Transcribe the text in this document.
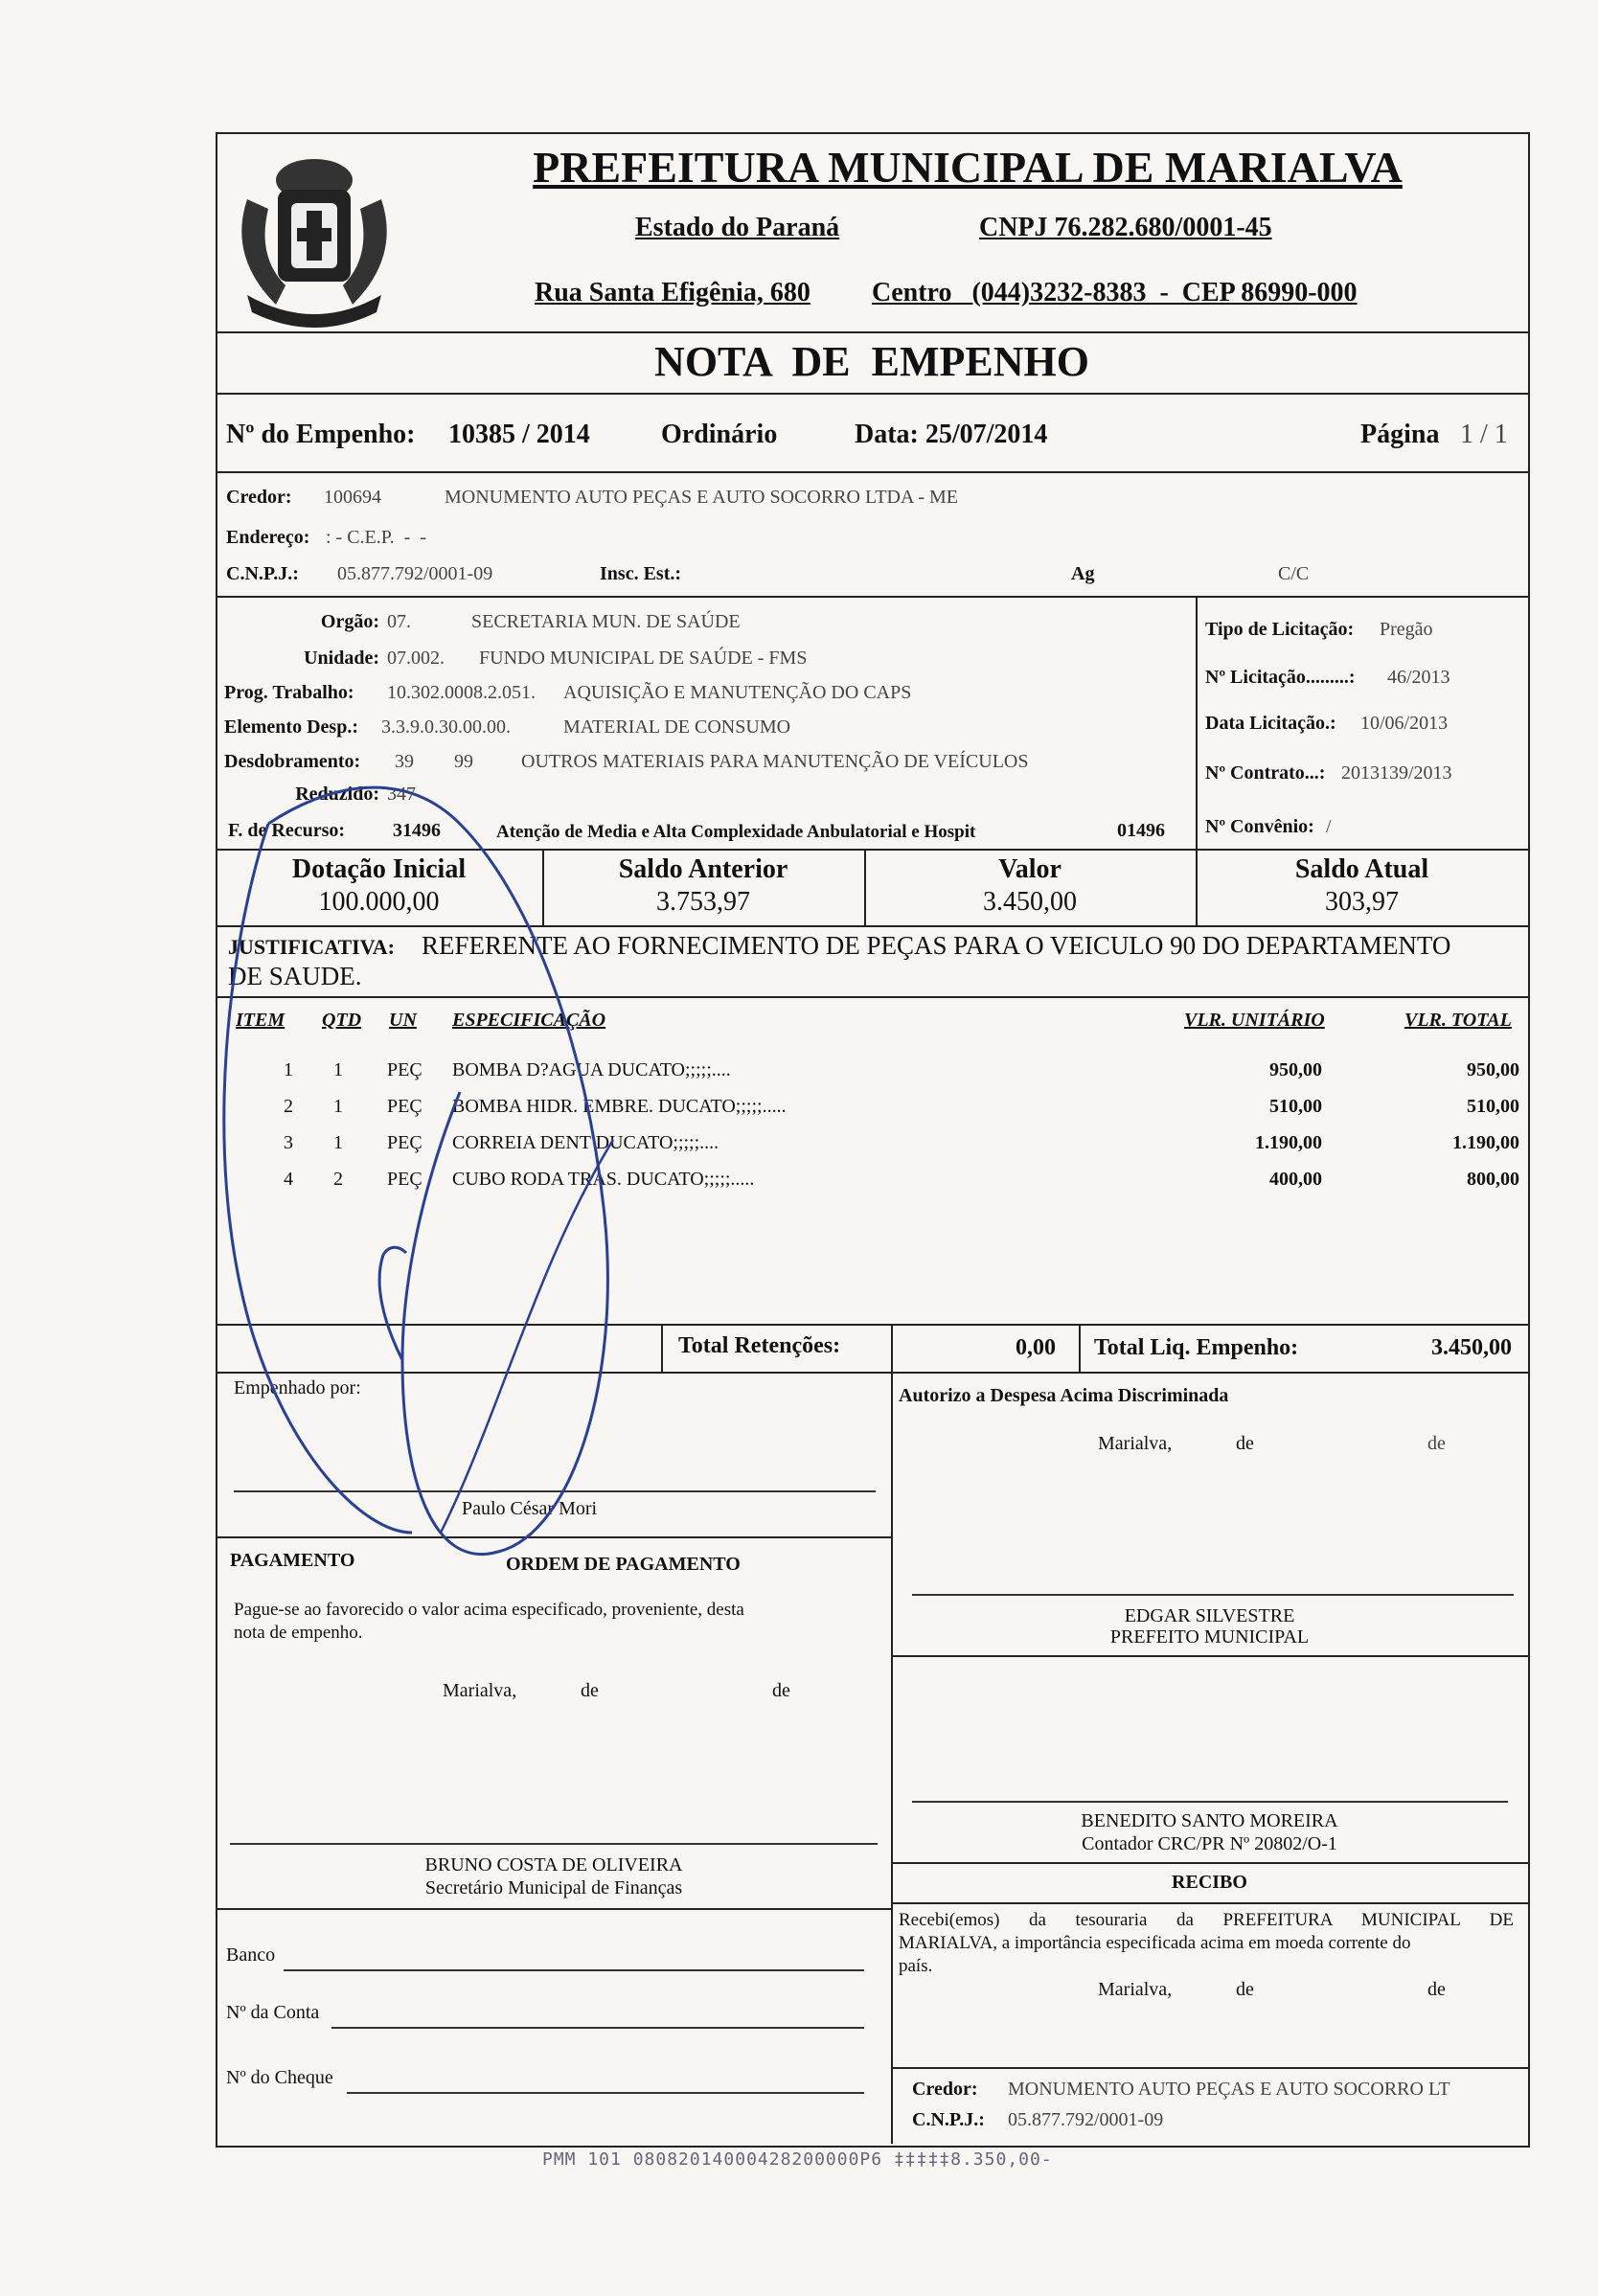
PREFEITURA MUNICIPAL DE MARIALVA
Estado do Paraná	CNPJ 76.282.680/0001-45
Rua Santa Efigênia, 680 Centro   (044)3232-8383  -  CEP 86990-000
NOTA  DE  EMPENHO
Nº do Empenho: 10385 / 2014	Ordinário	Data: 25/07/2014	Página 1 / 1
Credor: 100694	MONUMENTO AUTO PEÇAS E AUTO SOCORRO LTDA - ME
Endereço: : - C.E.P.  -  -
C.N.P.J.: 05.877.792/0001-09	Insc. Est.:	Ag	C/C
Orgão: 07.	SECRETARIA MUN. DE SAÚDE
Unidade: 07.002. FUNDO MUNICIPAL DE SAÚDE - FMS
Prog. Trabalho: 10.302.0008.2.051. AQUISIÇÃO E MANUTENÇÃO DO CAPS
Elemento Desp.: 3.3.9.0.30.00.00.	MATERIAL DE CONSUMO
Desdobramento: 39 99	OUTROS MATERIAIS PARA MANUTENÇÃO DE VEÍCULOS
Reduzido: 347
F. de Recurso: 31496	Atenção de Media e Alta Complexidade Anbulatorial e Hospit	01496
Tipo de Licitação: Pregão
Nº Licitação.........: 46/2013
Data Licitação.: 10/06/2013
Nº Contrato...: 2013139/2013
Nº Convênio: /
Dotação Inicial
100.000,00
Saldo Anterior
3.753,97
Valor
3.450,00
Saldo Atual
303,97
JUSTIFICATIVA: REFERENTE AO FORNECIMENTO DE PEÇAS PARA O VEICULO 90 DO DEPARTAMENTO
DE SAUDE.
ITEM QTD UN ESPECIFICAÇÃO	VLR. UNITÁRIO	VLR. TOTAL
1 1 PEÇ BOMBA D?AGUA DUCATO;;;;;....	950,00	950,00
2 1 PEÇ BOMBA HIDR. EMBRE. DUCATO;;;;;.....	510,00	510,00
3 1 PEÇ CORREIA DENT DUCATO;;;;;....	1.190,00	1.190,00
4 2 PEÇ CUBO RODA TRAS. DUCATO;;;;;.....	400,00	800,00
Total Retenções:	0,00 Total Liq. Empenho:	3.450,00
Empenhado por:
Paulo César Mori
Autorizo a Despesa Acima Discriminada
Marialva,	de	de
PAGAMENTO	ORDEM DE PAGAMENTO
Pague-se ao favorecido o valor acima especificado, proveniente, desta
nota de empenho.
Marialva,	de	de
EDGAR SILVESTRE
PREFEITO MUNICIPAL
BENEDITO SANTO MOREIRA
Contador CRC/PR Nº 20802/O-1
BRUNO COSTA DE OLIVEIRA
Secretário Municipal de Finanças	RECIBO
Recebi(emos) da tesouraria da PREFEITURA MUNICIPAL DE
MARIALVA, a importância especificada acima em moeda corrente do
país.
Marialva,	de	de
Banco
Nº da Conta
Nº do Cheque
Credor: MONUMENTO AUTO PEÇAS E AUTO SOCORRO LT
C.N.P.J.: 05.877.792/0001-09
PMM 101 08082014000428200000P6 ‡‡‡‡‡8.350,00-
